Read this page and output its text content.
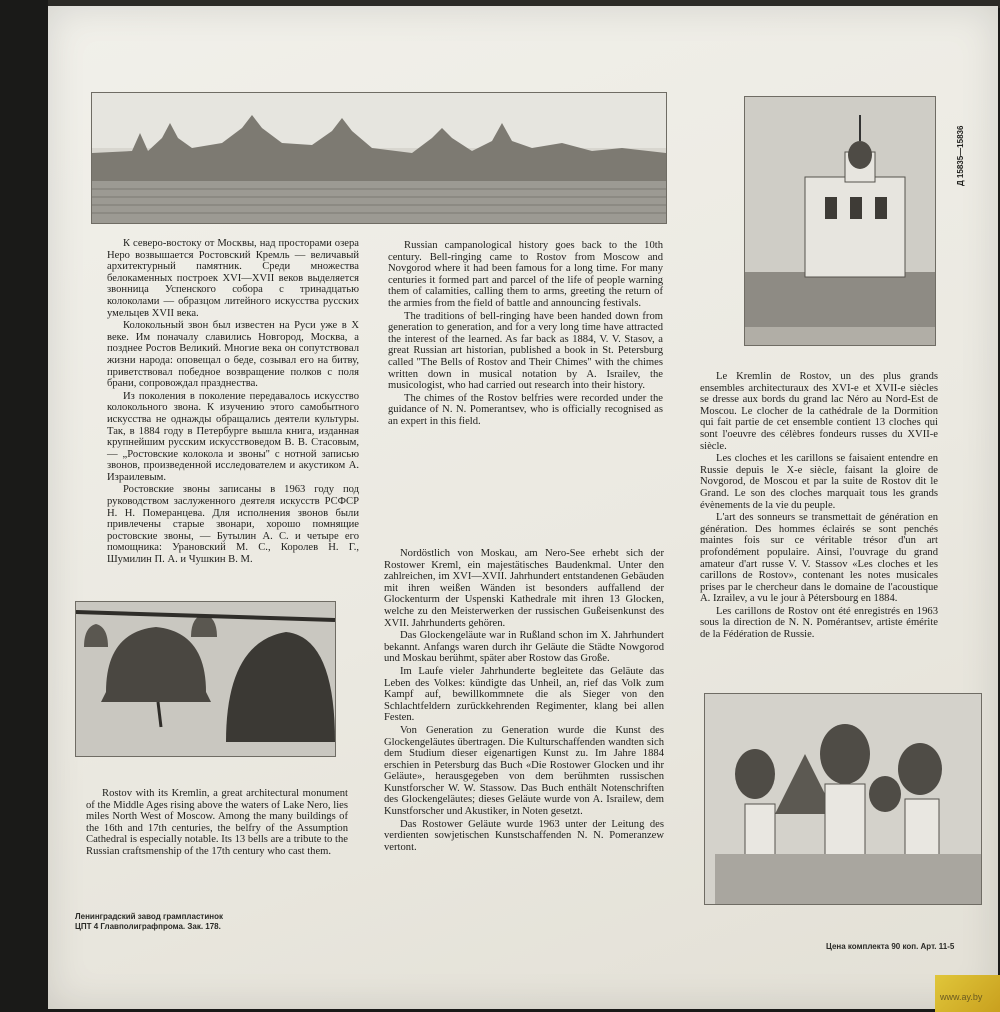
К северо-востоку от Москвы, над просторами озера Неро возвышается Ростовский Кремль — величавый архитектурный памятник. Среди множества белокаменных построек XVI—XVII веков выделяется звонница Успенского собора с тринадцатью колоколами — образцом литейного искусства русских умельцев XVII века.

Колокольный звон был известен на Руси уже в X веке. Им поначалу славились Новгород, Москва, а позднее Ростов Великий. Многие века он сопутствовал жизни народа: оповещал о беде, созывал его на битву, приветствовал победное возвращение полков с поля брани, сопровождал празднества.

Из поколения в поколение передавалось искусство колокольного звона. К изучению этого самобытного искусства не однажды обращались деятели культуры. Так, в 1884 году в Петербурге вышла книга, изданная крупнейшим русским искусствоведом В. В. Стасовым, — „Ростовские колокола и звоны" с нотной записью звонов, произведенной исследователем и акустиком А. Израилевым.

Ростовские звоны записаны в 1963 году под руководством заслуженного деятеля искусств РСФСР Н. Н. Померанцева. Для исполнения звонов были привлечены старые звонари, хорошо помнящие ростовские звоны, — Бутылин А. С. и четыре его помощника: Урановский М. С., Королев Н. Г., Шумилин П. А. и Чушкин В. М.

Russian campanological history goes back to the 10th century. Bell-ringing came to Rostov from Moscow and Novgorod where it had been famous for a long time. For many centuries it formed part and parcel of the life of people warning them of calamities, calling them to arms, greeting the return of the armies from the field of battle and announcing festivals.

The traditions of bell-ringing have been handed down from generation to generation, and for a very long time have attracted the interest of the learned. As far back as 1884, V. V. Stasov, a great Russian art historian, published a book in St. Petersburg called "The Bells of Rostov and Their Chimes" with the chimes written down in musical notation by A. Israilev, the musicologist, who had carried out research into their history.

The chimes of the Rostov belfries were recorded under the guidance of N. N. Pomerantsev, who is officially recognised as an expert in this field.

Rostov with its Kremlin, a great architectural monument of the Middle Ages rising above the waters of Lake Nero, lies miles North West of Moscow. Among the many buildings of the 16th and 17th centuries, the belfry of the Assumption Cathedral is especially notable. Its 13 bells are a tribute to the Russian craftsmenship of the 17th century who cast them.

Nordöstlich von Moskau, am Nero-See erhebt sich der Rostower Kreml, ein majestätisches Baudenkmal. Unter den zahlreichen, im XVI—XVII. Jahrhundert entstandenen Gebäuden mit ihren weißen Wänden ist besonders auffallend der Glockenturm der Uspenski Kathedrale mit ihren 13 Glocken, welche zu den Meisterwerken der russischen Gußeisenkunst des XVII. Jahrhunderts gehören.

Das Glockengeläute war in Rußland schon im X. Jahrhundert bekannt. Anfangs waren durch ihr Geläute die Städte Nowgorod und Moskau berühmt, später aber Rostow das Große.

Im Laufe vieler Jahrhunderte begleitete das Geläute das Leben des Volkes: kündigte das Unheil, an, rief das Volk zum Kampf auf, bewillkommnete die als Sieger von den Schlachtfeldern zurückkehrenden Regimenter, klang bei allen Festen.

Von Generation zu Generation wurde die Kunst des Glockengeläutes übertragen. Die Kulturschaffenden wandten sich dem Studium dieser eigenartigen Kunst zu. Im Jahre 1884 erschien in Petersburg das Buch «Die Rostower Glocken und ihr Geläute», herausgegeben von dem berühmten russischen Kunstforscher W. W. Stassow. Das Buch enthält Notenschriften des Glockengeläutes; dieses Geläute wurde von A. Israilew, dem Kunstforscher und Akustiker, in Noten gesetzt.

Das Rostower Geläute wurde 1963 unter der Leitung des verdienten sowjetischen Kunstschaffenden N. N. Pomeranzew vertont.

Le Kremlin de Rostov, un des plus grands ensembles architecturaux des XVI-e et XVII-e siècles se dresse aux bords du grand lac Néro au Nord-Est de Moscou. Le clocher de la cathédrale de la Dormition qui fait partie de cet ensemble contient 13 cloches qui sont l'oeuvre des célèbres fondeurs russes du XVII-e siècle.

Les cloches et les carillons se faisaient entendre en Russie depuis le X-e siècle, faisant la gloire de Novgorod, de Moscou et par la suite de Rostov dit le Grand. Le son des cloches marquait tous les grands évènements de la vie du peuple.

L'art des sonneurs se transmettait de génération en génération. Des hommes éclairés se sont penchés maintes fois sur ce véritable trésor d'un art profondément populaire. Ainsi, l'ouvrage du grand amateur d'art russe V. V. Stassov «Les cloches et les carillons de Rostov», contenant les notes musicales prises par le chercheur dans le domaine de l'acoustique A. Izrailev, a vu le jour à Pétersbourg en 1884.

Les carillons de Rostov ont été enregistrés en 1963 sous la direction de N. N. Pomérantsev, artiste émérite de la Fédération de Russie.

Д 15835—15836
Ленинградский завод грампластинок
ЦПТ 4 Главполиграфпрома. Зак. 178.
Цена комплекта 90 коп. Арт. 11-5
www.ay.by
